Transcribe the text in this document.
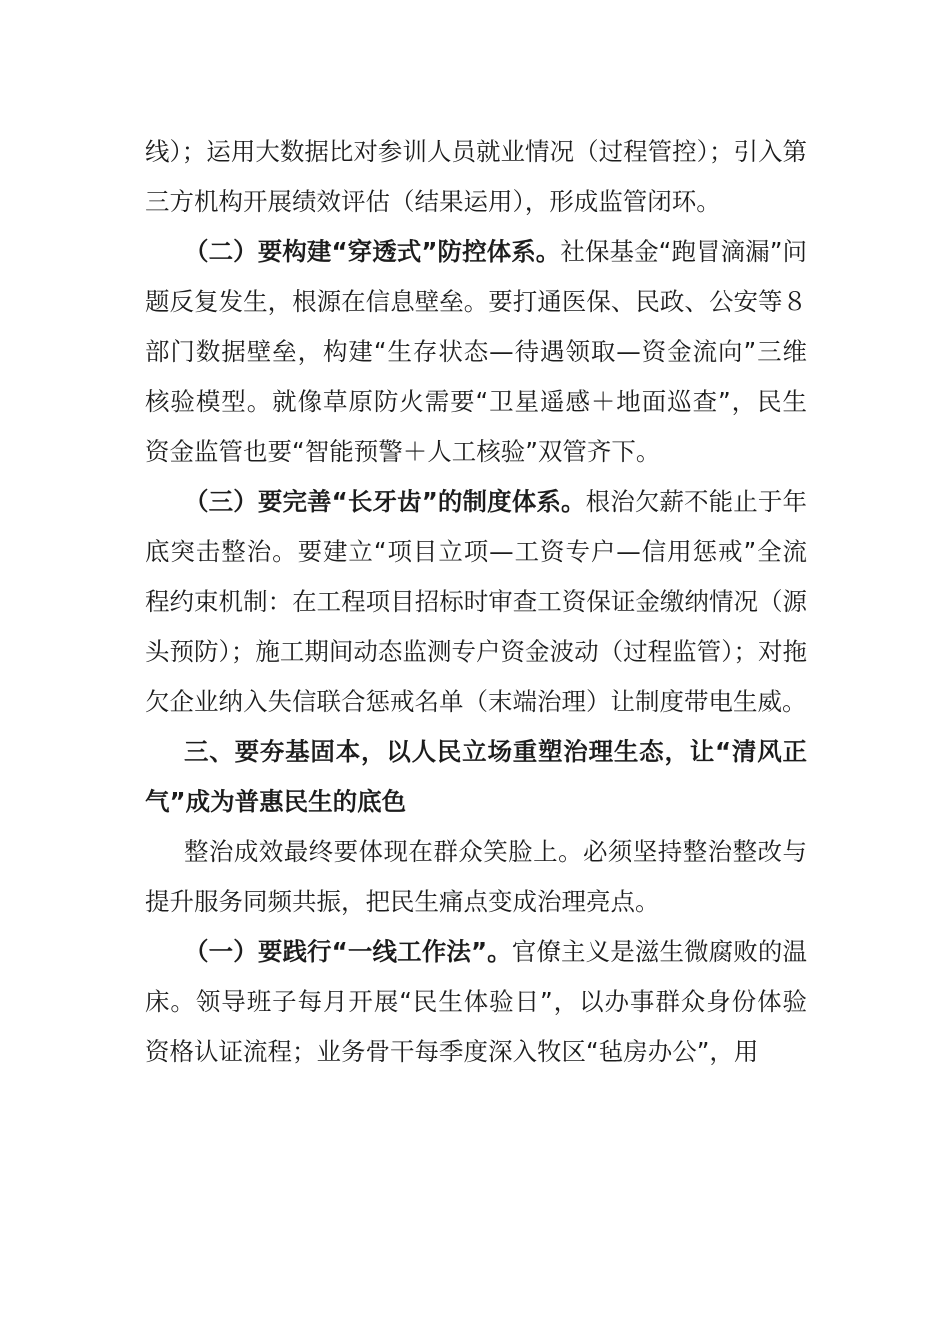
线）；运用大数据比对参训人员就业情况（过程管控）；引入第三方机构开展绩效评估（结果运用），形成监管闭环。

（二）要构建“穿透式”防控体系。社保基金“跑冒滴漏”问题反复发生，根源在信息壁垒。要打通医保、民政、公安等８部门数据壁垒，构建“生存状态—待遇领取—资金流向”三维核验模型。就像草原防火需要“卫星遥感＋地面巡查”，民生资金监管也要“智能预警＋人工核验”双管齐下。

（三）要完善“长牙齿”的制度体系。根治欠薪不能止于年底突击整治。要建立“项目立项—工资专户—信用惩戒”全流程约束机制：在工程项目招标时审查工资保证金缴纳情况（源头预防）；施工期间动态监测专户资金波动（过程监管）；对拖欠企业纳入失信联合惩戒名单（末端治理）让制度带电生威。

三、要夯基固本，以人民立场重塑治理生态，让“清风正气”成为普惠民生的底色

整治成效最终要体现在群众笑脸上。必须坚持整治整改与提升服务同频共振，把民生痛点变成治理亮点。

（一）要践行“一线工作法”。官僚主义是滋生微腐败的温床。领导班子每月开展“民生体验日”，以办事群众身份体验资格认证流程；业务骨干每季度深入牧区“毡房办公”，用
